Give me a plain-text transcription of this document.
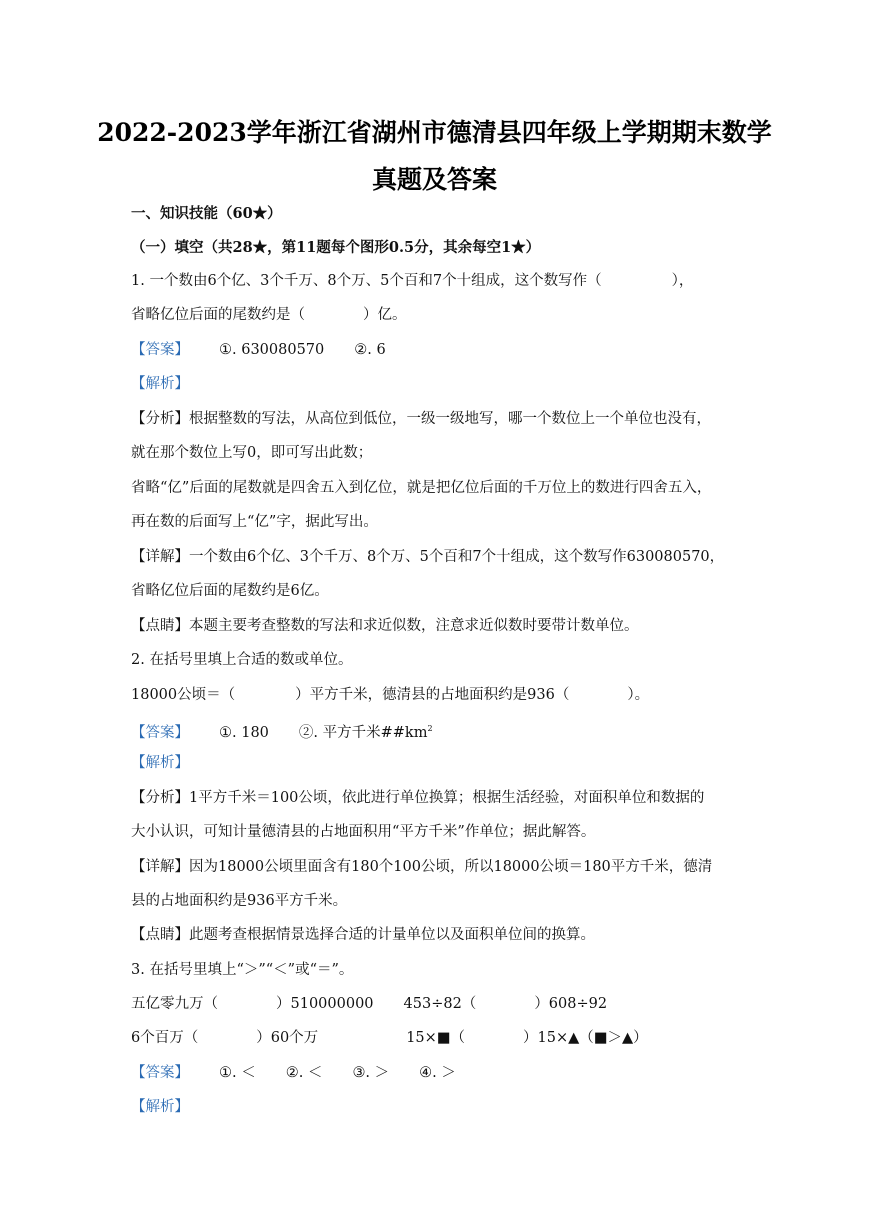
2022-2023学年浙江省湖州市德清县四年级上学期期末数学
真题及答案
一、知识技能（60★）
（一）填空（共28★，第11题每个图形0.5分，其余每空1★）
1. 一个数由6个亿、3个千万、8个万、5个百和7个十组成，这个数写作（	），
省略亿位后面的尾数约是（　　　　）亿。
【答案】 ①. 630080570 ②. 6
【解析】
【分析】根据整数的写法，从高位到低位，一级一级地写，哪一个数位上一个单位也没有，
就在那个数位上写0，即可写出此数；
省略“亿”后面的尾数就是四舍五入到亿位，就是把亿位后面的千万位上的数进行四舍五入，
再在数的后面写上“亿”字，据此写出。
【详解】一个数由6个亿、3个千万、8个万、5个百和7个十组成，这个数写作630080570，
省略亿位后面的尾数约是6亿。
【点睛】本题主要考查整数的写法和求近似数，注意求近似数时要带计数单位。
2. 在括号里填上合适的数或单位。
18000公顷＝（	）平方千米，德清县的占地面积约是936（	）。
【答案】 ①. 180 ②. 平方千米$\#\#km^2$
【解析】
【分析】1平方千米＝100公顷，依此进行单位换算；根据生活经验，对面积单位和数据的
大小认识，可知计量德清县的占地面积用“平方千米”作单位；据此解答。
【详解】因为18000公顷里面含有180个100公顷，所以18000公顷＝180平方千米，德清
县的占地面积约是936平方千米。
【点睛】此题考查根据情景选择合适的计量单位以及面积单位间的换算。
3. 在括号里填上“＞”“＜”或“＝”。
五亿零九万（	）510000000 453÷82（	）608÷92
6个百万（	）60个万	15×■（	）15×▲（■＞▲）
【答案】 ①. ＜ ②. ＜ ③. ＞ ④. ＞
【解析】
